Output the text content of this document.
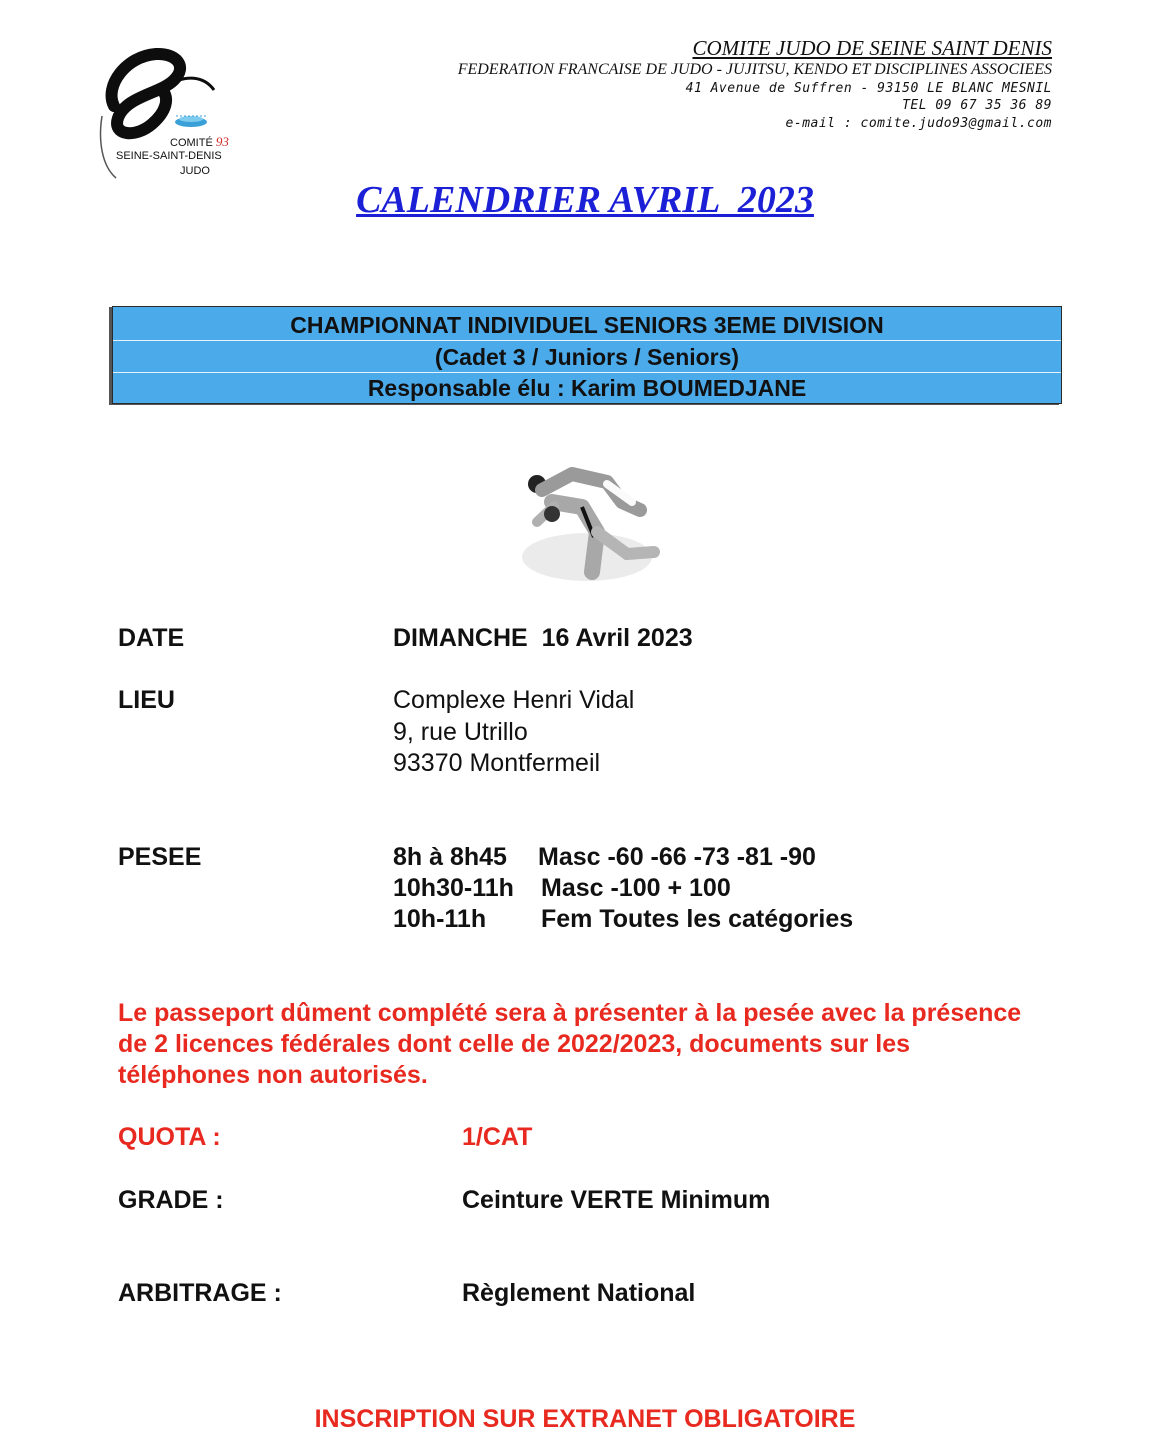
COMITÉ 93
SEINE-SAINT-DENIS
JUDO
COMITE JUDO DE SEINE SAINT DENIS
FEDERATION FRANCAISE DE JUDO - JUJITSU, KENDO ET DISCIPLINES ASSOCIEES
41 Avenue de Suffren - 93150 LE BLANC MESNIL
TEL 09 67 35 36 89
e-mail : comite.judo93@gmail.com
CALENDRIER AVRIL  2023
CHAMPIONNAT INDIVIDUEL SENIORS 3EME DIVISION
(Cadet 3 / Juniors / Seniors)
Responsable élu : Karim BOUMEDJANE
DATE	DIMANCHE  16 Avril 2023
LIEU	Complexe Henri Vidal
9, rue Utrillo
93370 Montfermeil
PESEE	8h à 8h45 Masc -60 -66 -73 -81 -90
10h30-11h Masc -100 + 100
10h-11h Fem Toutes les catégories
Le passeport dûment complété sera à présenter à la pesée avec la présence de 2 licences fédérales dont celle de 2022/2023, documents sur les téléphones non autorisés.
QUOTA :	1/CAT
GRADE :	Ceinture VERTE Minimum
ARBITRAGE :	Règlement National
INSCRIPTION SUR EXTRANET OBLIGATOIRE
